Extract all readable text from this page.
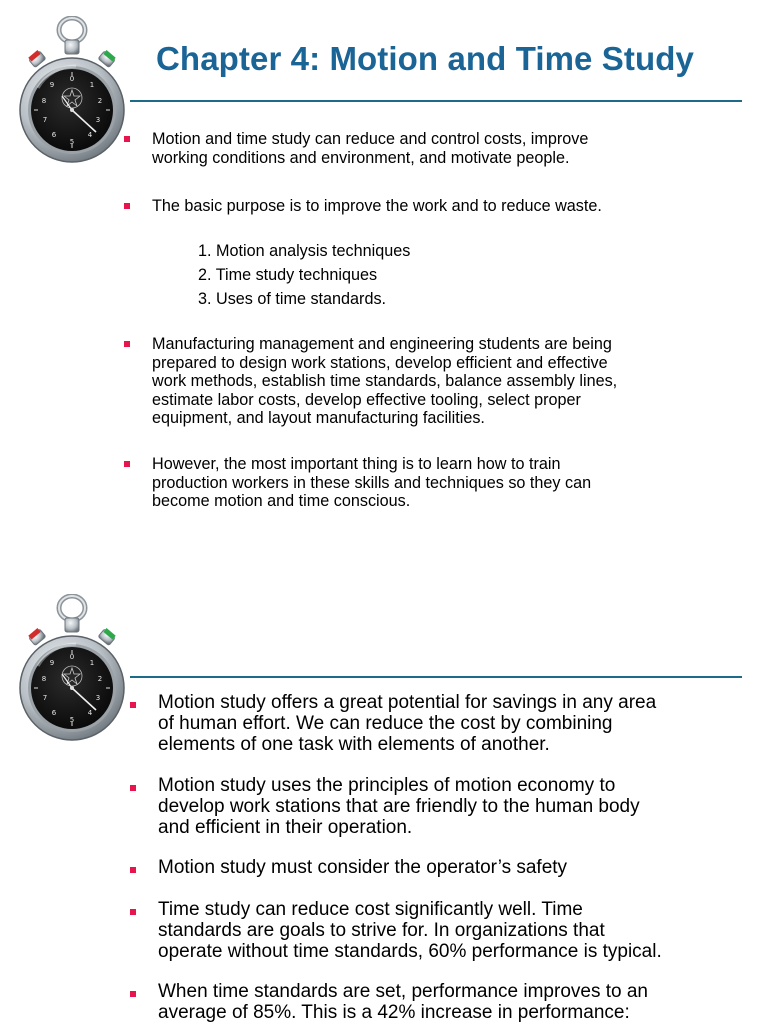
0
1
2
3
4
5
6
7
8
9
Chapter 4: Motion and Time Study
Motion and time study can reduce and control costs, improve
working conditions and environment, and motivate people.
The basic purpose is to improve the work and to reduce waste.
1. Motion analysis techniques
2. Time study techniques
3. Uses of time standards.
Manufacturing management and engineering students are being
prepared to design work stations, develop efficient and effective
work methods, establish time standards, balance assembly lines,
estimate labor costs, develop effective tooling, select proper
equipment, and layout manufacturing facilities.
However, the most important thing is to learn how to train
production workers in these skills and techniques so they can
become motion and time conscious.
0
1
2
3
4
5
6
7
8
9
Motion study offers a great potential for savings in any area
of human effort. We can reduce the cost by combining
elements of one task with elements of another.
Motion study uses the principles of motion economy to
develop work stations that are friendly to the human body
and efficient in their operation.
Motion study must consider the operator’s safety
Time study can reduce cost significantly well. Time
standards are goals to strive for. In organizations that
operate without time standards, 60% performance is typical.
When time standards are set, performance improves to an
average of 85%. This is a 42% increase in performance:
